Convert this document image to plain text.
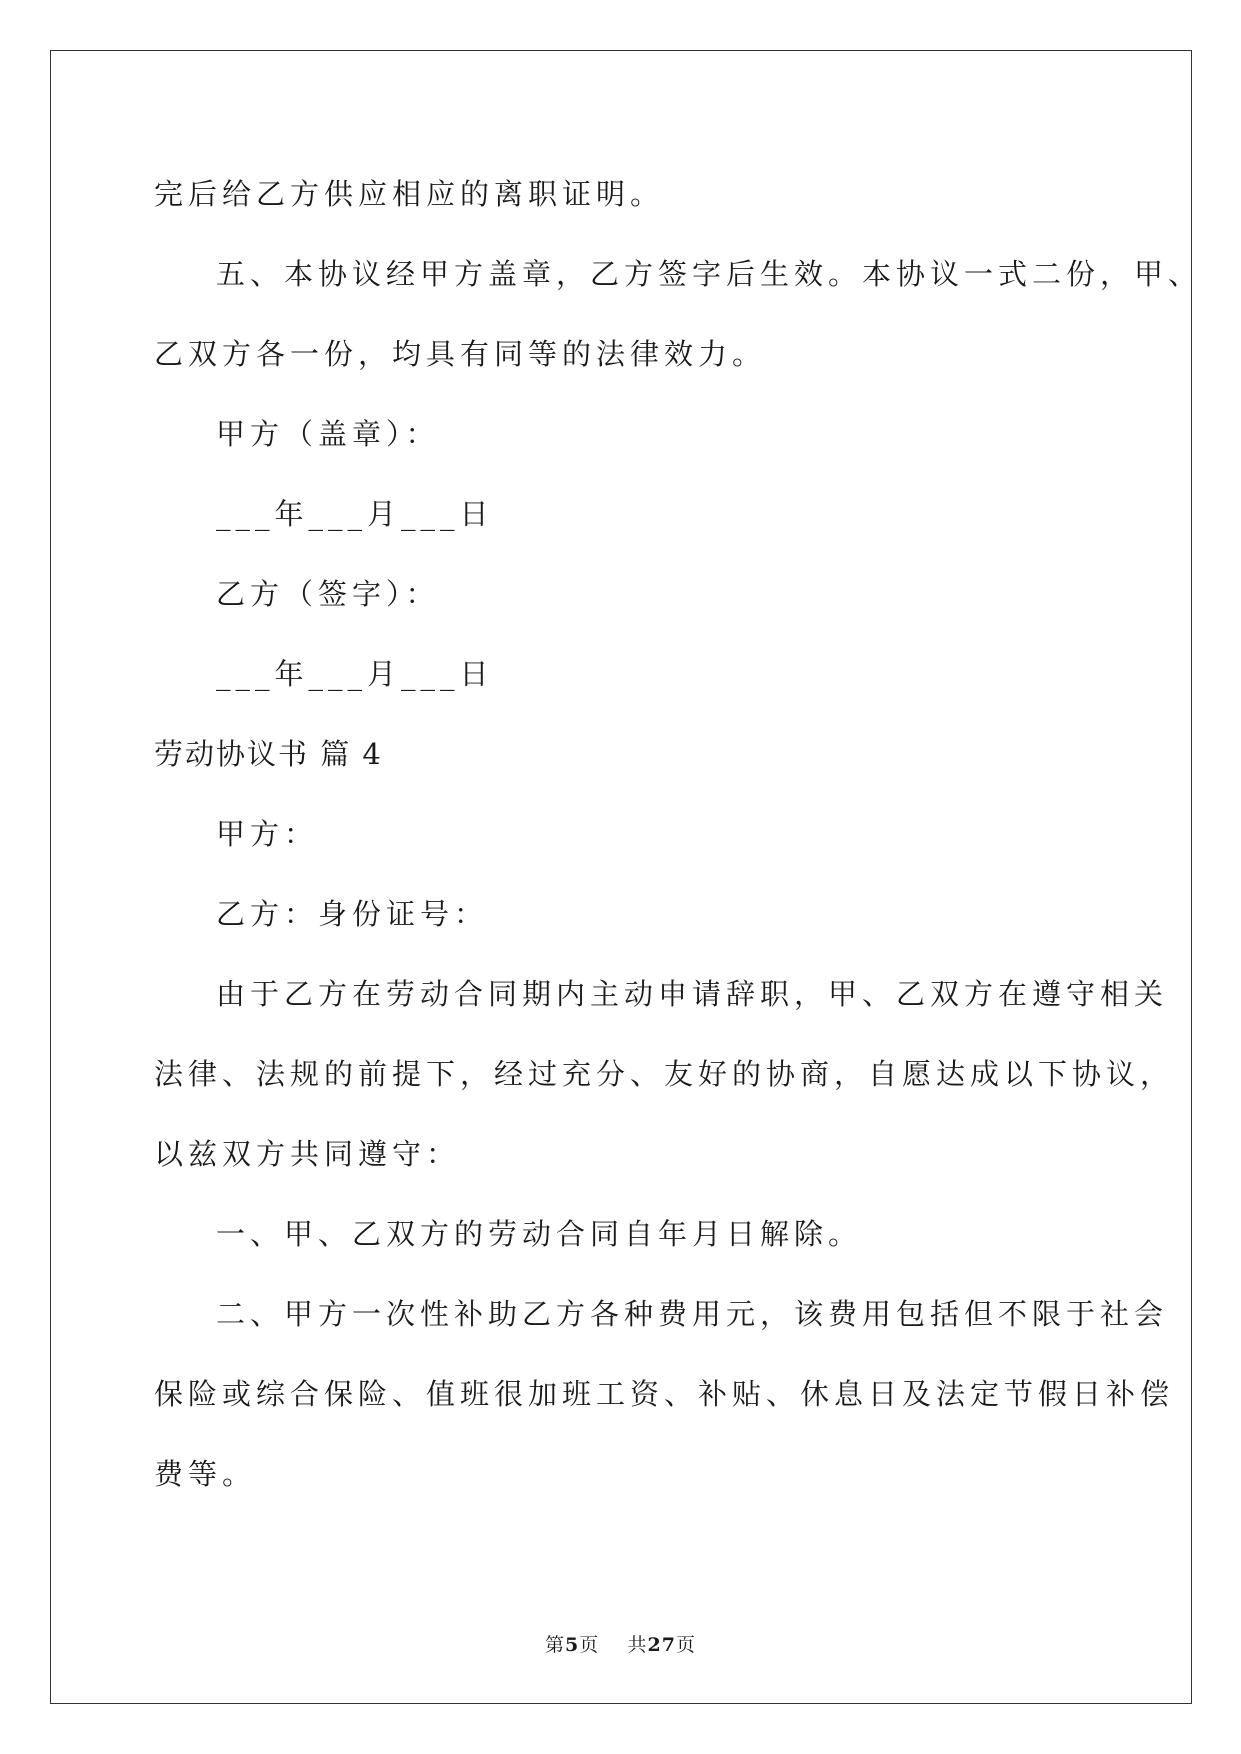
完后给乙方供应相应的离职证明。
五、本协议经甲方盖章，乙方签字后生效。本协议一式二份，甲、
乙双方各一份，均具有同等的法律效力。
甲方（盖章）：
___年___月___日
乙方（签字）：
___年___月___日
劳动协议书 篇 4
甲方：
乙方：身份证号：
由于乙方在劳动合同期内主动申请辞职，甲、乙双方在遵守相关
法律、法规的前提下，经过充分、友好的协商，自愿达成以下协议，
以兹双方共同遵守：
一、甲、乙双方的劳动合同自年月日解除。
二、甲方一次性补助乙方各种费用元，该费用包括但不限于社会
保险或综合保险、值班很加班工资、补贴、休息日及法定节假日补偿
费等。
第5页 共27页
